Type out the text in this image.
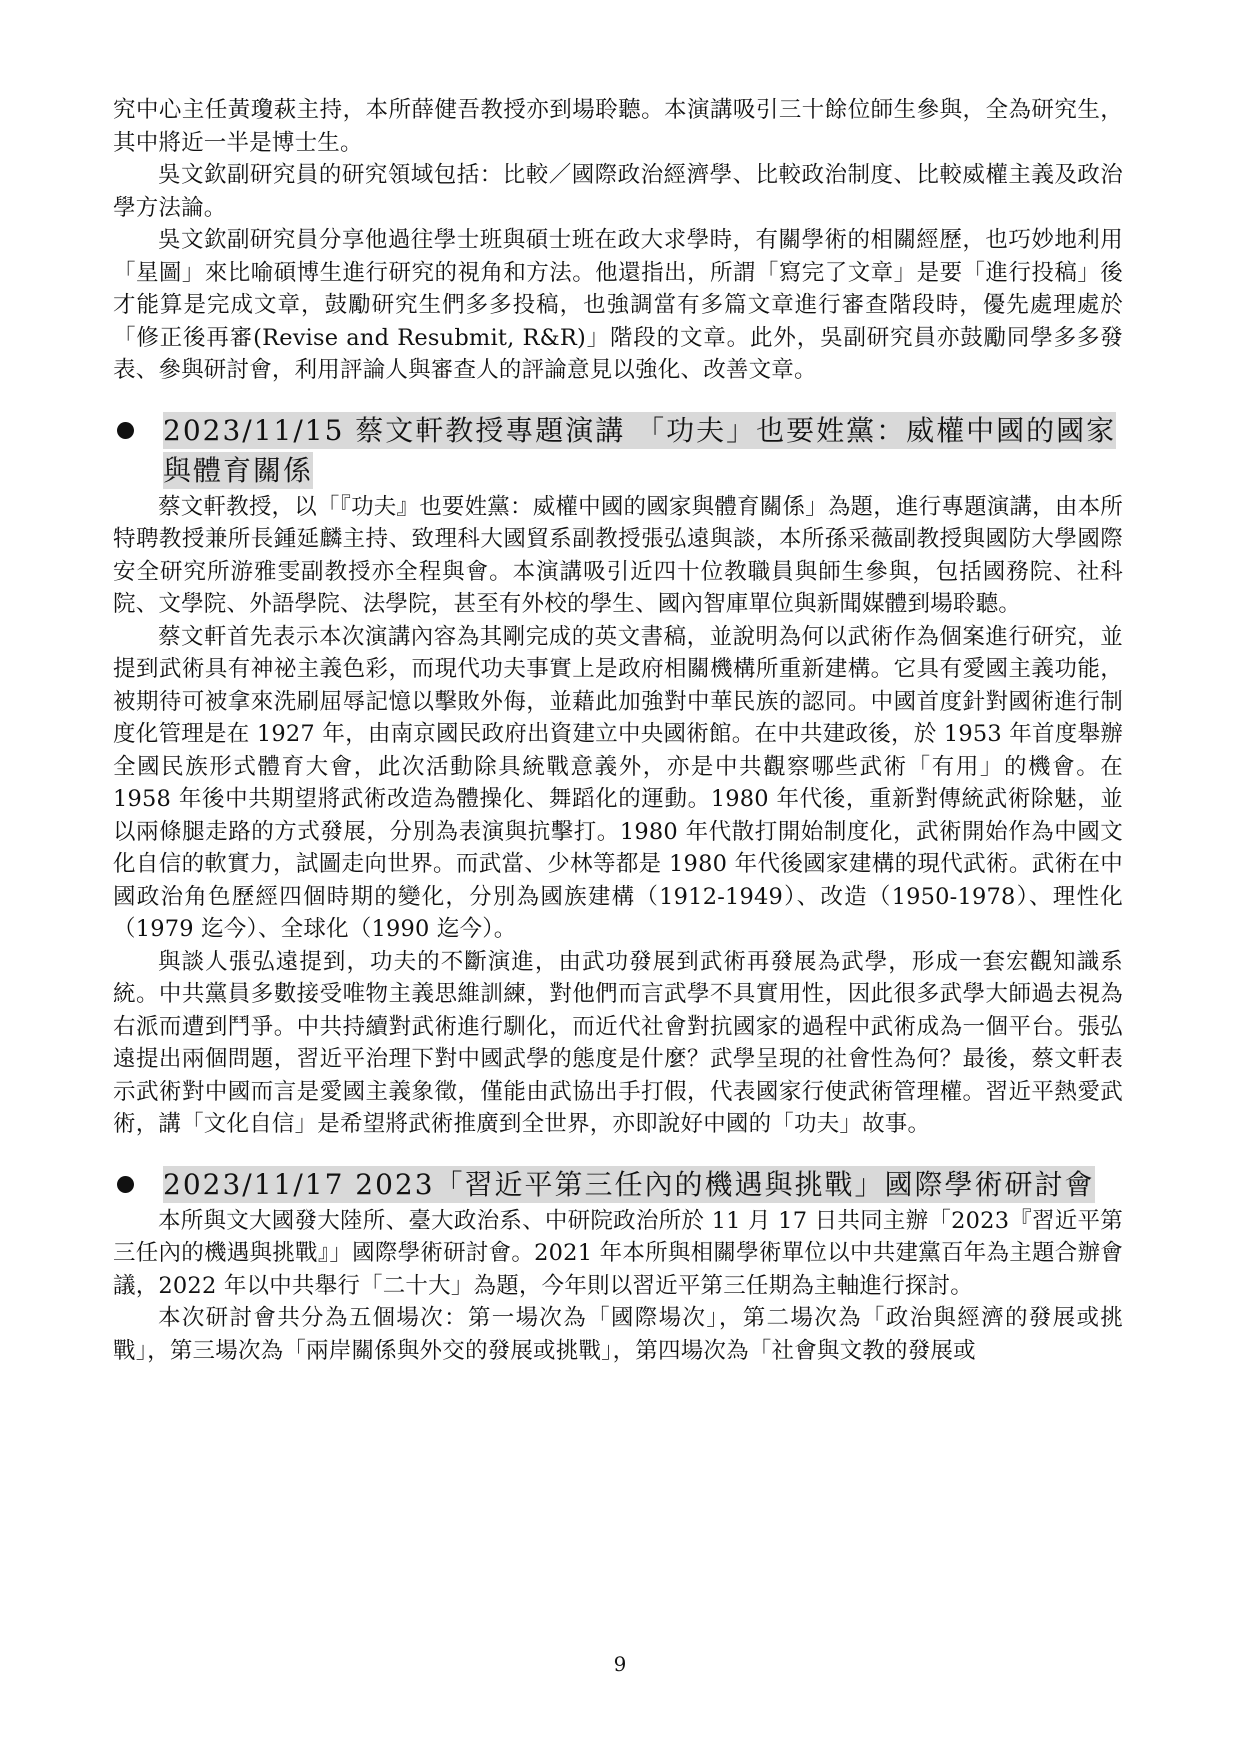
究中心主任黃瓊萩主持，本所薛健吾教授亦到場聆聽。本演講吸引三十餘位師生參與，全為研究生，其中將近一半是博士生。

吳文欽副研究員的研究領域包括：比較／國際政治經濟學、比較政治制度、比較威權主義及政治學方法論。

吳文欽副研究員分享他過往學士班與碩士班在政大求學時，有關學術的相關經歷，也巧妙地利用「星圖」來比喻碩博生進行研究的視角和方法。他還指出，所謂「寫完了文章」是要「進行投稿」後才能算是完成文章，鼓勵研究生們多多投稿，也強調當有多篇文章進行審查階段時，優先處理處於「修正後再審(Revise and Resubmit, R&R)」階段的文章。此外，吳副研究員亦鼓勵同學多多發表、參與研討會，利用評論人與審查人的評論意見以強化、改善文章。

2023/11/15 蔡文軒教授專題演講 「功夫」也要姓黨：威權中國的國家與體育關係

蔡文軒教授，以「『功夫』也要姓黨：威權中國的國家與體育關係」為題，進行專題演講，由本所特聘教授兼所長鍾延麟主持、致理科大國貿系副教授張弘遠與談，本所孫采薇副教授與國防大學國際安全研究所游雅雯副教授亦全程與會。本演講吸引近四十位教職員與師生參與，包括國務院、社科院、文學院、外語學院、法學院，甚至有外校的學生、國內智庫單位與新聞媒體到場聆聽。

蔡文軒首先表示本次演講內容為其剛完成的英文書稿，並說明為何以武術作為個案進行研究，並提到武術具有神祕主義色彩，而現代功夫事實上是政府相關機構所重新建構。它具有愛國主義功能，被期待可被拿來洗刷屈辱記憶以擊敗外侮，並藉此加強對中華民族的認同。中國首度針對國術進行制度化管理是在 1927 年，由南京國民政府出資建立中央國術館。在中共建政後，於 1953 年首度舉辦全國民族形式體育大會，此次活動除具統戰意義外，亦是中共觀察哪些武術「有用」的機會。在 1958 年後中共期望將武術改造為體操化、舞蹈化的運動。1980 年代後，重新對傳統武術除魅，並以兩條腿走路的方式發展，分別為表演與抗擊打。1980 年代散打開始制度化，武術開始作為中國文化自信的軟實力，試圖走向世界。而武當、少林等都是 1980 年代後國家建構的現代武術。武術在中國政治角色歷經四個時期的變化，分別為國族建構（1912-1949）、改造（1950-1978）、理性化（1979 迄今）、全球化（1990 迄今）。

與談人張弘遠提到，功夫的不斷演進，由武功發展到武術再發展為武學，形成一套宏觀知識系統。中共黨員多數接受唯物主義思維訓練，對他們而言武學不具實用性，因此很多武學大師過去視為右派而遭到鬥爭。中共持續對武術進行馴化，而近代社會對抗國家的過程中武術成為一個平台。張弘遠提出兩個問題，習近平治理下對中國武學的態度是什麼？武學呈現的社會性為何？最後，蔡文軒表示武術對中國而言是愛國主義象徵，僅能由武協出手打假，代表國家行使武術管理權。習近平熱愛武術，講「文化自信」是希望將武術推廣到全世界，亦即說好中國的「功夫」故事。

2023/11/17 2023「習近平第三任內的機遇與挑戰」國際學術研討會

本所與文大國發大陸所、臺大政治系、中研院政治所於 11 月 17 日共同主辦「2023『習近平第三任內的機遇與挑戰』」國際學術研討會。2021 年本所與相關學術單位以中共建黨百年為主題合辦會議，2022 年以中共舉行「二十大」為題，今年則以習近平第三任期為主軸進行探討。

本次研討會共分為五個場次：第一場次為「國際場次」，第二場次為「政治與經濟的發展或挑戰」，第三場次為「兩岸關係與外交的發展或挑戰」，第四場次為「社會與文教的發展或

9
